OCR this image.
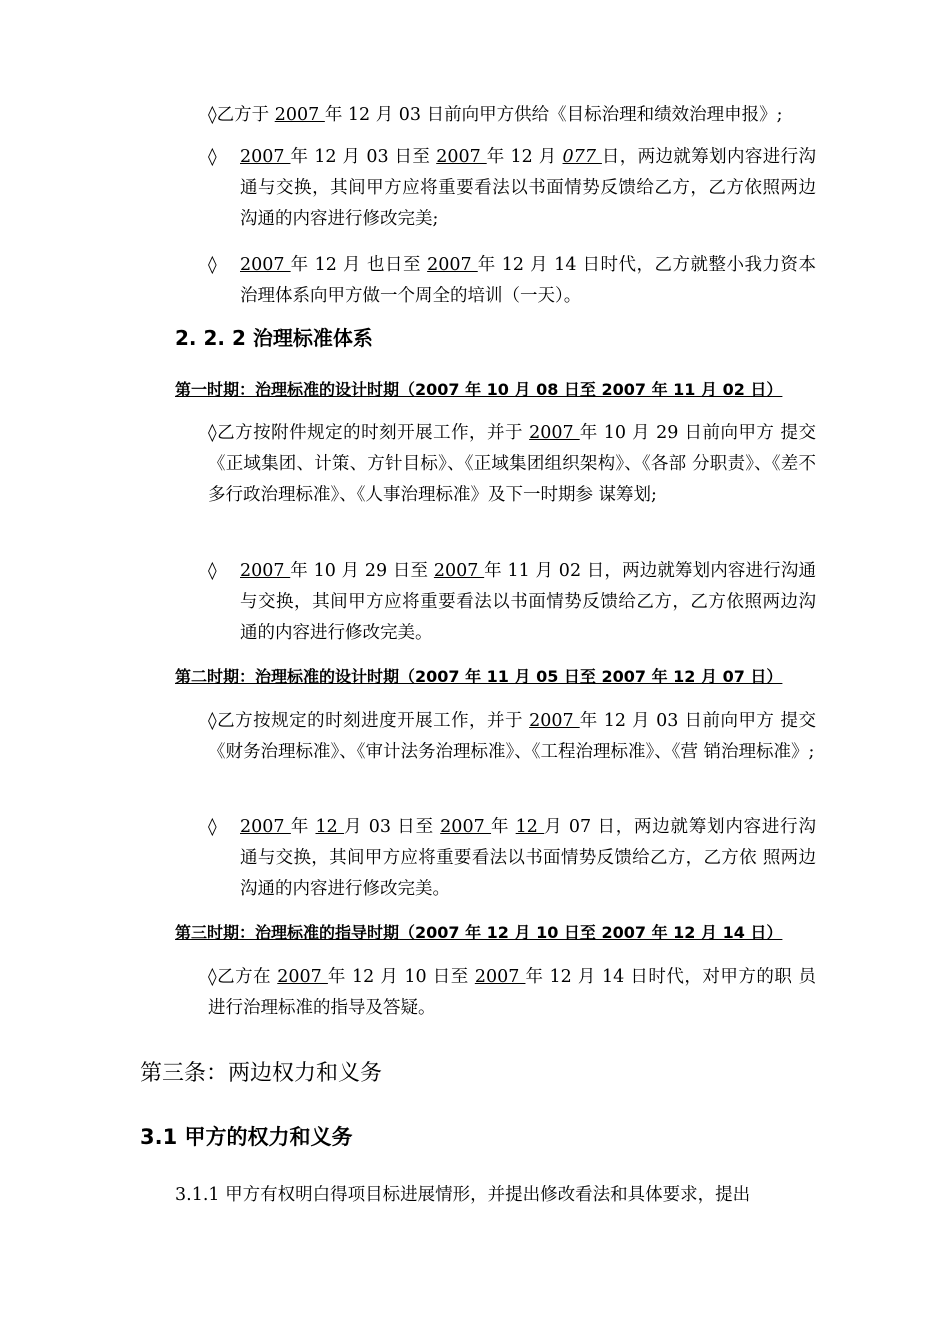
◊乙方于 2007 年 12 月 03 日前向甲方供给《目标治理和绩效治理申报》;
◊	2007 年 12 月 03 日至 2007 年 12 月 077 日，两边就筹划内容进行沟通与交换，其间甲方应将重要看法以书面情势反馈给乙方，乙方依照两边沟通的内容进行修改完美;
◊	2007 年 12 月 也日至 2007 年 12 月 14 日时代，乙方就整小我力资本治理体系向甲方做一个周全的培训（一天）。
2. 2. 2 治理标准体系
第一时期：治理标准的设计时期（2007 年 10 月 08 日至 2007 年 11 月 02 日）
◊乙方按附件规定的时刻开展工作，并于 2007 年 10 月 29 日前向甲方 提交《正域集团、计策、方针目标》、《正域集团组织架构》、《各部 分职责》、《差不多行政治理标准》、《人事治理标准》及下一时期参 谋筹划;
◊	2007 年 10 月 29 日至 2007 年 11 月 02 日，两边就筹划内容进行沟通与交换，其间甲方应将重要看法以书面情势反馈给乙方，乙方依照两边沟通的内容进行修改完美。
第二时期：治理标准的设计时期（2007 年 11 月 05 日至 2007 年 12 月 07 日）
◊乙方按规定的时刻进度开展工作，并于 2007 年 12 月 03 日前向甲方 提交《财务治理标准》、《审计法务治理标准》、《工程治理标准》、《营 销治理标准》;
◊	2007 年 12 月 03 日至 2007 年 12 月 07 日，两边就筹划内容进行沟 通与交换，其间甲方应将重要看法以书面情势反馈给乙方，乙方依 照两边沟通的内容进行修改完美。
第三时期：治理标准的指导时期（2007 年 12 月 10 日至 2007 年 12 月 14 日）
◊乙方在 2007 年 12 月 10 日至 2007 年 12 月 14 日时代，对甲方的职 员进行治理标准的指导及答疑。
第三条：两边权力和义务
3.1 甲方的权力和义务
3.1.1 甲方有权明白得项目标进展情形，并提出修改看法和具体要求，提出
